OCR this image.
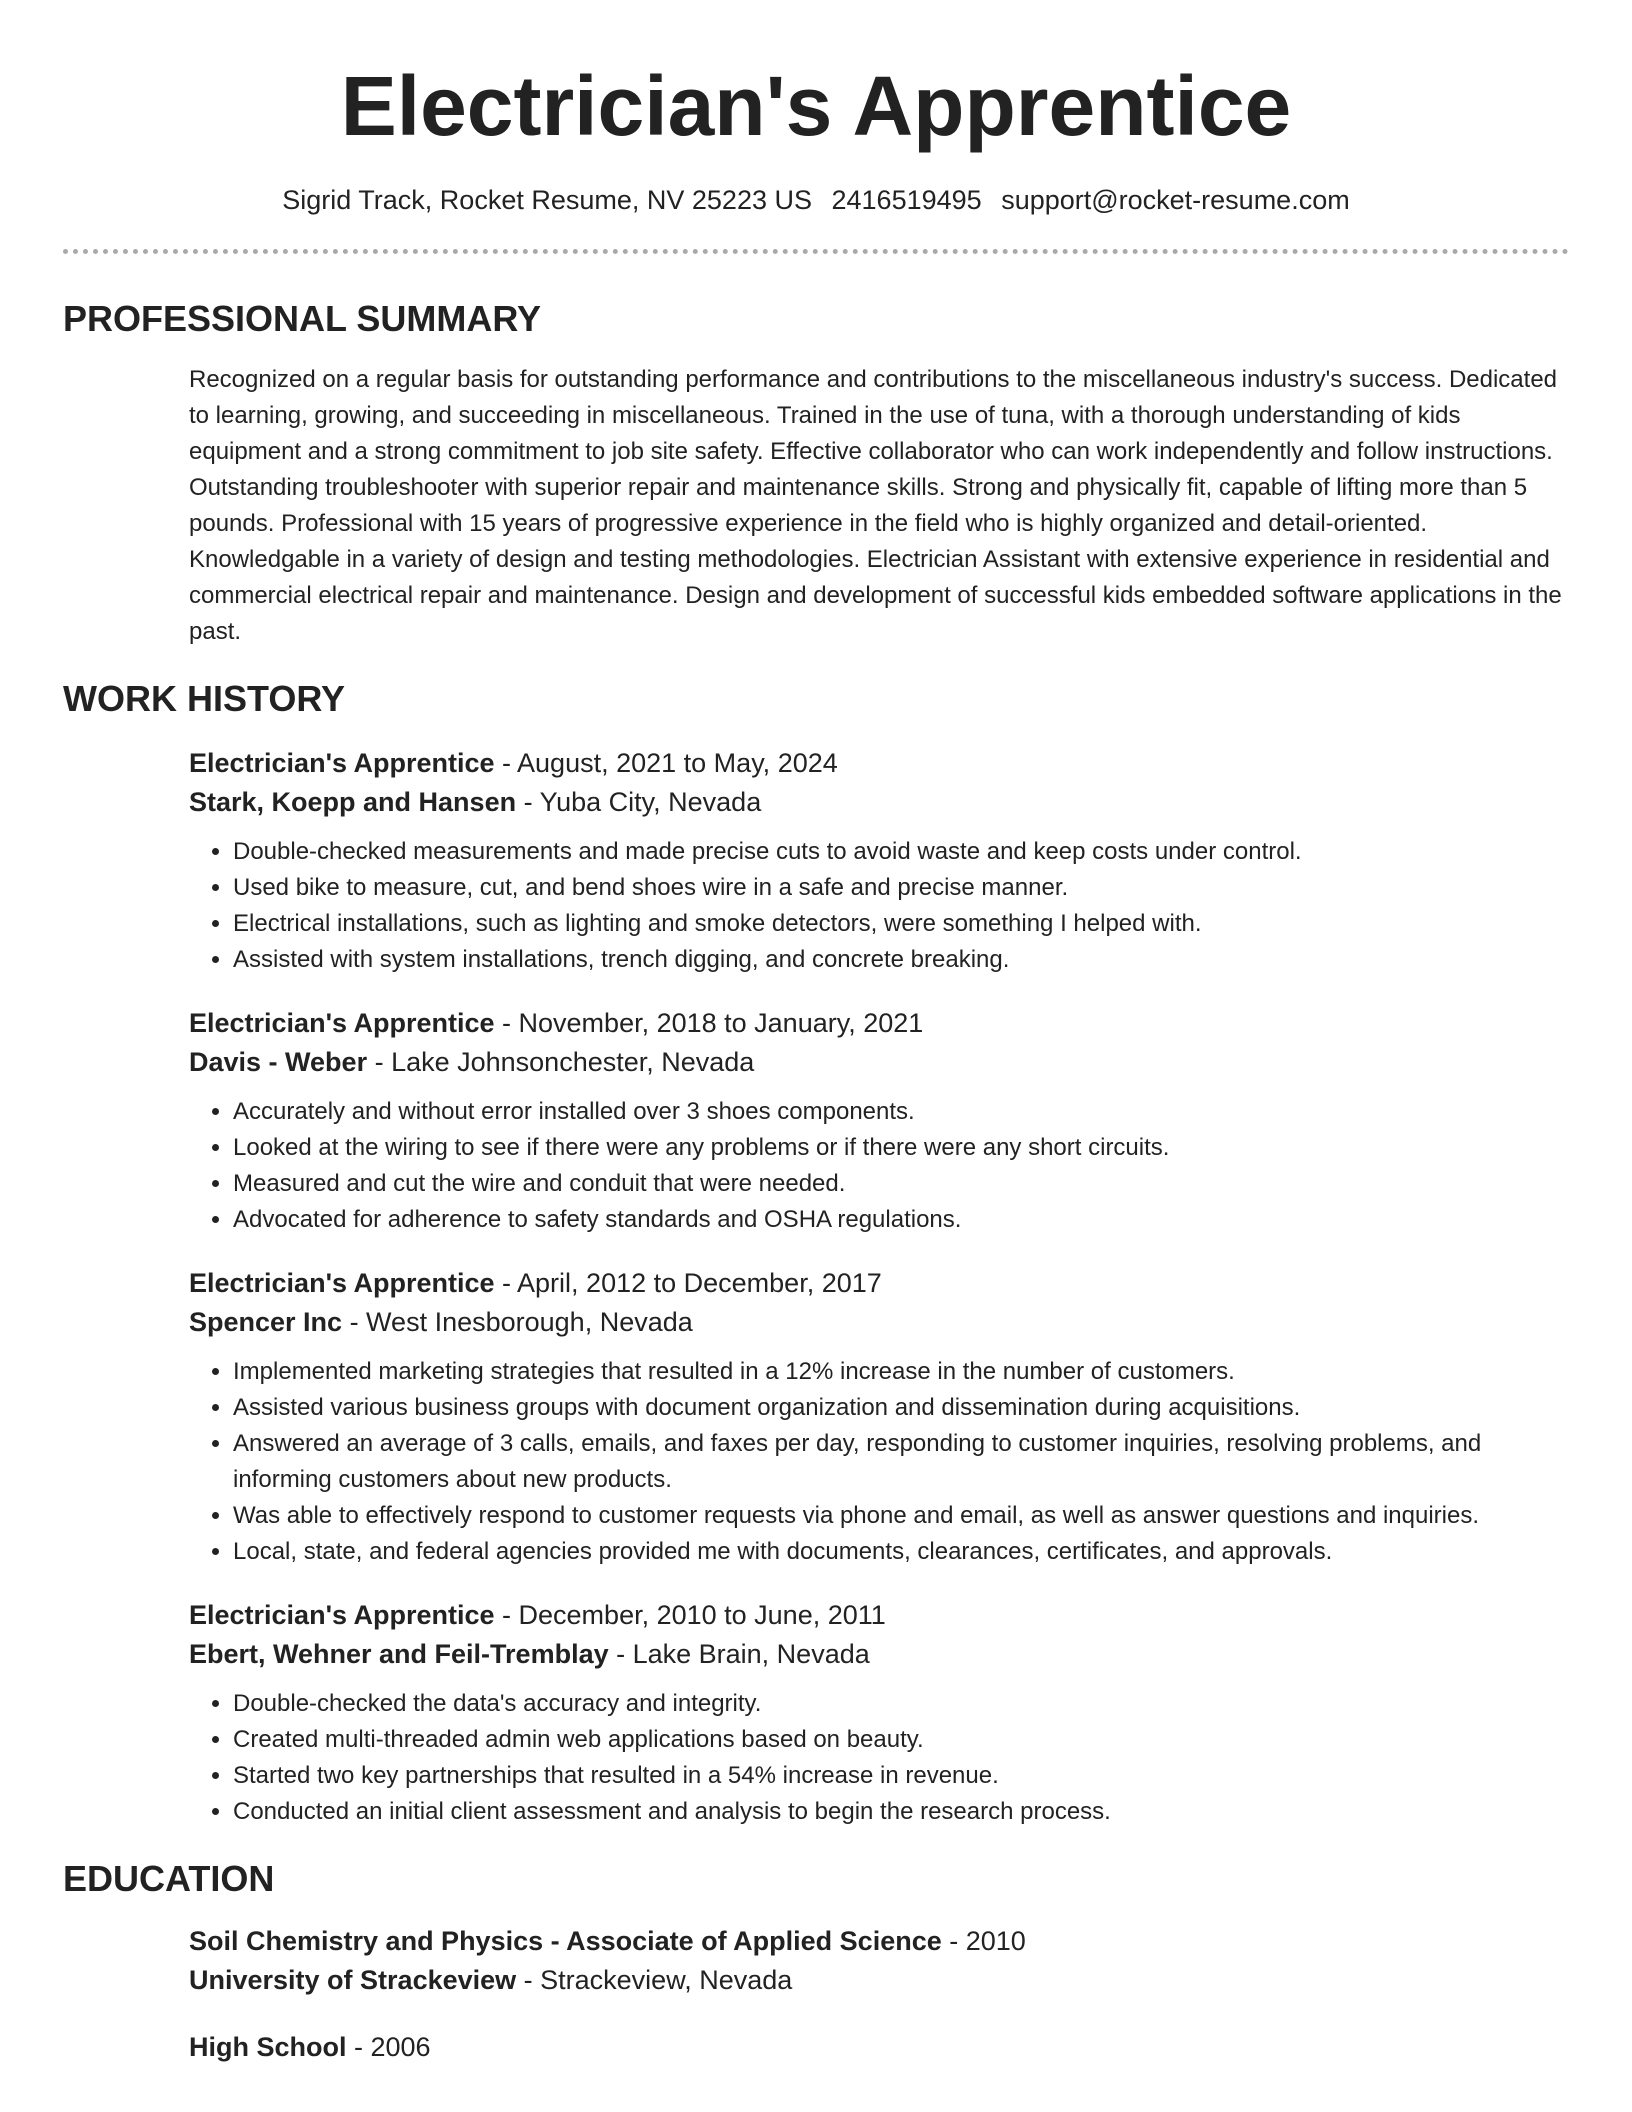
Electrician's Apprentice
Sigrid Track, Rocket Resume, NV 25223 US 2416519495 support@rocket-resume.com
PROFESSIONAL SUMMARY

Recognized on a regular basis for outstanding performance and contributions to the miscellaneous industry's success. Dedicated to learning, growing, and succeeding in miscellaneous. Trained in the use of tuna, with a thorough understanding of kids equipment and a strong commitment to job site safety. Effective collaborator who can work independently and follow instructions. Outstanding troubleshooter with superior repair and maintenance skills. Strong and physically fit, capable of lifting more than 5 pounds. Professional with 15 years of progressive experience in the field who is highly organized and detail-oriented. Knowledgable in a variety of design and testing methodologies. Electrician Assistant with extensive experience in residential and commercial electrical repair and maintenance. Design and development of successful kids embedded software applications in the past.

WORK HISTORY
Electrician's Apprentice - August, 2021 to May, 2024
Stark, Koepp and Hansen - Yuba City, Nevada
• Double-checked measurements and made precise cuts to avoid waste and keep costs under control.
• Used bike to measure, cut, and bend shoes wire in a safe and precise manner.
• Electrical installations, such as lighting and smoke detectors, were something I helped with.
• Assisted with system installations, trench digging, and concrete breaking.
Electrician's Apprentice - November, 2018 to January, 2021
Davis - Weber - Lake Johnsonchester, Nevada
• Accurately and without error installed over 3 shoes components.
• Looked at the wiring to see if there were any problems or if there were any short circuits.
• Measured and cut the wire and conduit that were needed.
• Advocated for adherence to safety standards and OSHA regulations.
Electrician's Apprentice - April, 2012 to December, 2017
Spencer Inc - West Inesborough, Nevada
• Implemented marketing strategies that resulted in a 12% increase in the number of customers.
• Assisted various business groups with document organization and dissemination during acquisitions.
• Answered an average of 3 calls, emails, and faxes per day, responding to customer inquiries, resolving problems, and informing customers about new products.
• Was able to effectively respond to customer requests via phone and email, as well as answer questions and inquiries.
• Local, state, and federal agencies provided me with documents, clearances, certificates, and approvals.
Electrician's Apprentice - December, 2010 to June, 2011
Ebert, Wehner and Feil-Tremblay - Lake Brain, Nevada
• Double-checked the data's accuracy and integrity.
• Created multi-threaded admin web applications based on beauty.
• Started two key partnerships that resulted in a 54% increase in revenue.
• Conducted an initial client assessment and analysis to begin the research process.
EDUCATION
Soil Chemistry and Physics - Associate of Applied Science - 2010
University of Strackeview - Strackeview, Nevada
High School - 2006
